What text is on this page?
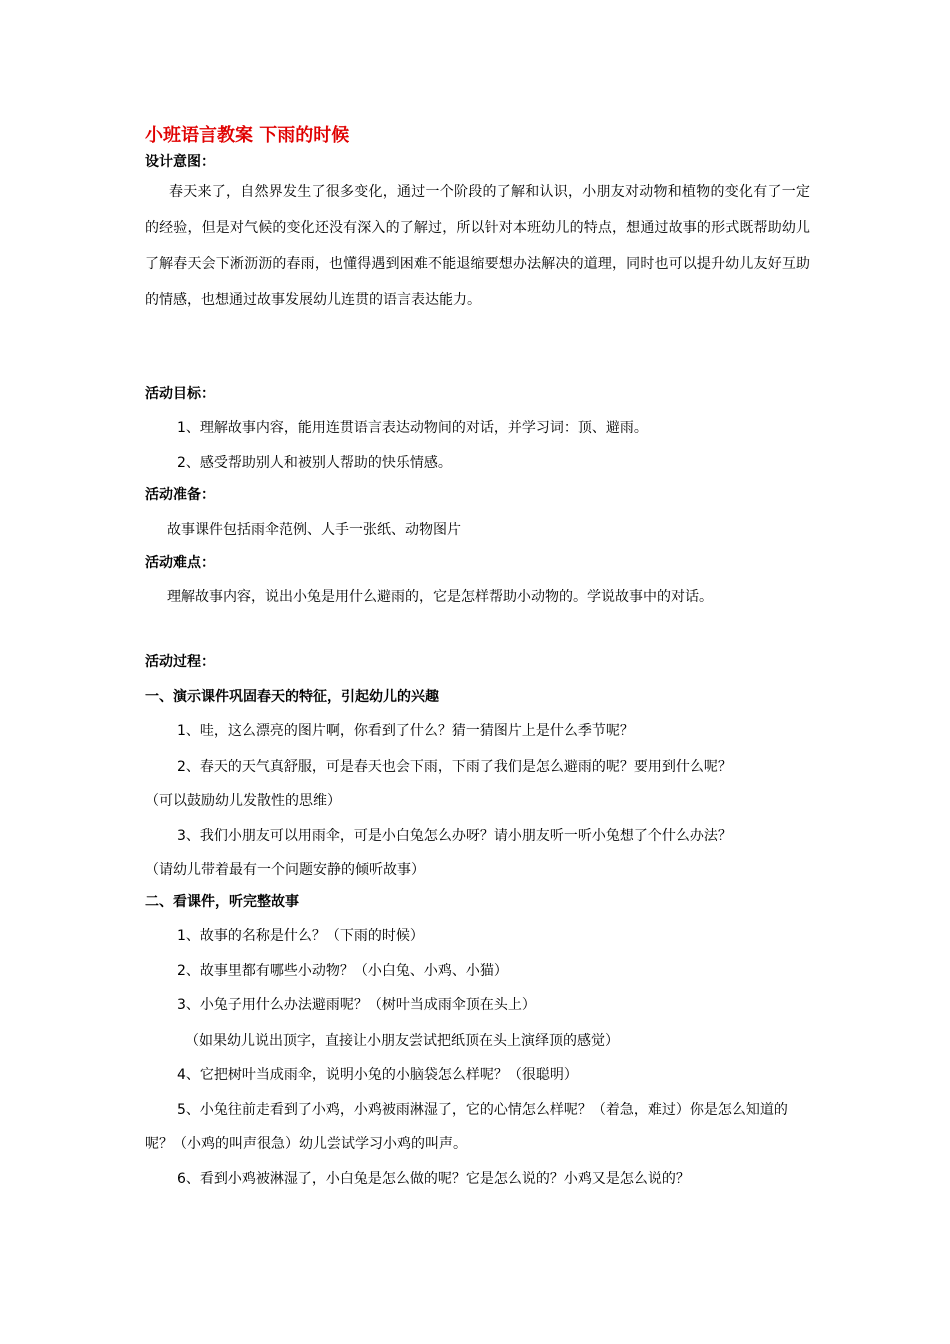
小班语言教案 下雨的时候
设计意图：
春天来了，自然界发生了很多变化，通过一个阶段的了解和认识，小朋友对动物和植物的变化有了一定的经验，但是对气候的变化还没有深入的了解过，所以针对本班幼儿的特点，想通过故事的形式既帮助幼儿了解春天会下淅沥沥的春雨，也懂得遇到困难不能退缩要想办法解决的道理，同时也可以提升幼儿友好互助的情感，也想通过故事发展幼儿连贯的语言表达能力。
活动目标：
1、理解故事内容，能用连贯语言表达动物间的对话，并学习词：顶、避雨。
2、感受帮助别人和被别人帮助的快乐情感。
活动准备：
故事课件包括雨伞范例、人手一张纸、动物图片
活动难点：
理解故事内容，说出小兔是用什么避雨的，它是怎样帮助小动物的。学说故事中的对话。
活动过程：
一、演示课件巩固春天的特征，引起幼儿的兴趣
1、哇，这么漂亮的图片啊，你看到了什么？猜一猜图片上是什么季节呢？
2、春天的天气真舒服，可是春天也会下雨，下雨了我们是怎么避雨的呢？要用到什么呢？
（可以鼓励幼儿发散性的思维）
3、我们小朋友可以用雨伞，可是小白兔怎么办呀？请小朋友听一听小兔想了个什么办法？
（请幼儿带着最有一个问题安静的倾听故事）
二、看课件，听完整故事
1、故事的名称是什么？（下雨的时候）
2、故事里都有哪些小动物？（小白兔、小鸡、小猫）
3、小兔子用什么办法避雨呢？（树叶当成雨伞顶在头上）
（如果幼儿说出顶字，直接让小朋友尝试把纸顶在头上演绎顶的感觉）
4、它把树叶当成雨伞，说明小兔的小脑袋怎么样呢？（很聪明）
5、小兔往前走看到了小鸡，小鸡被雨淋湿了，它的心情怎么样呢？（着急，难过）你是怎么知道的呢？（小鸡的叫声很急）幼儿尝试学习小鸡的叫声。
6、看到小鸡被淋湿了，小白兔是怎么做的呢？它是怎么说的？小鸡又是怎么说的？
